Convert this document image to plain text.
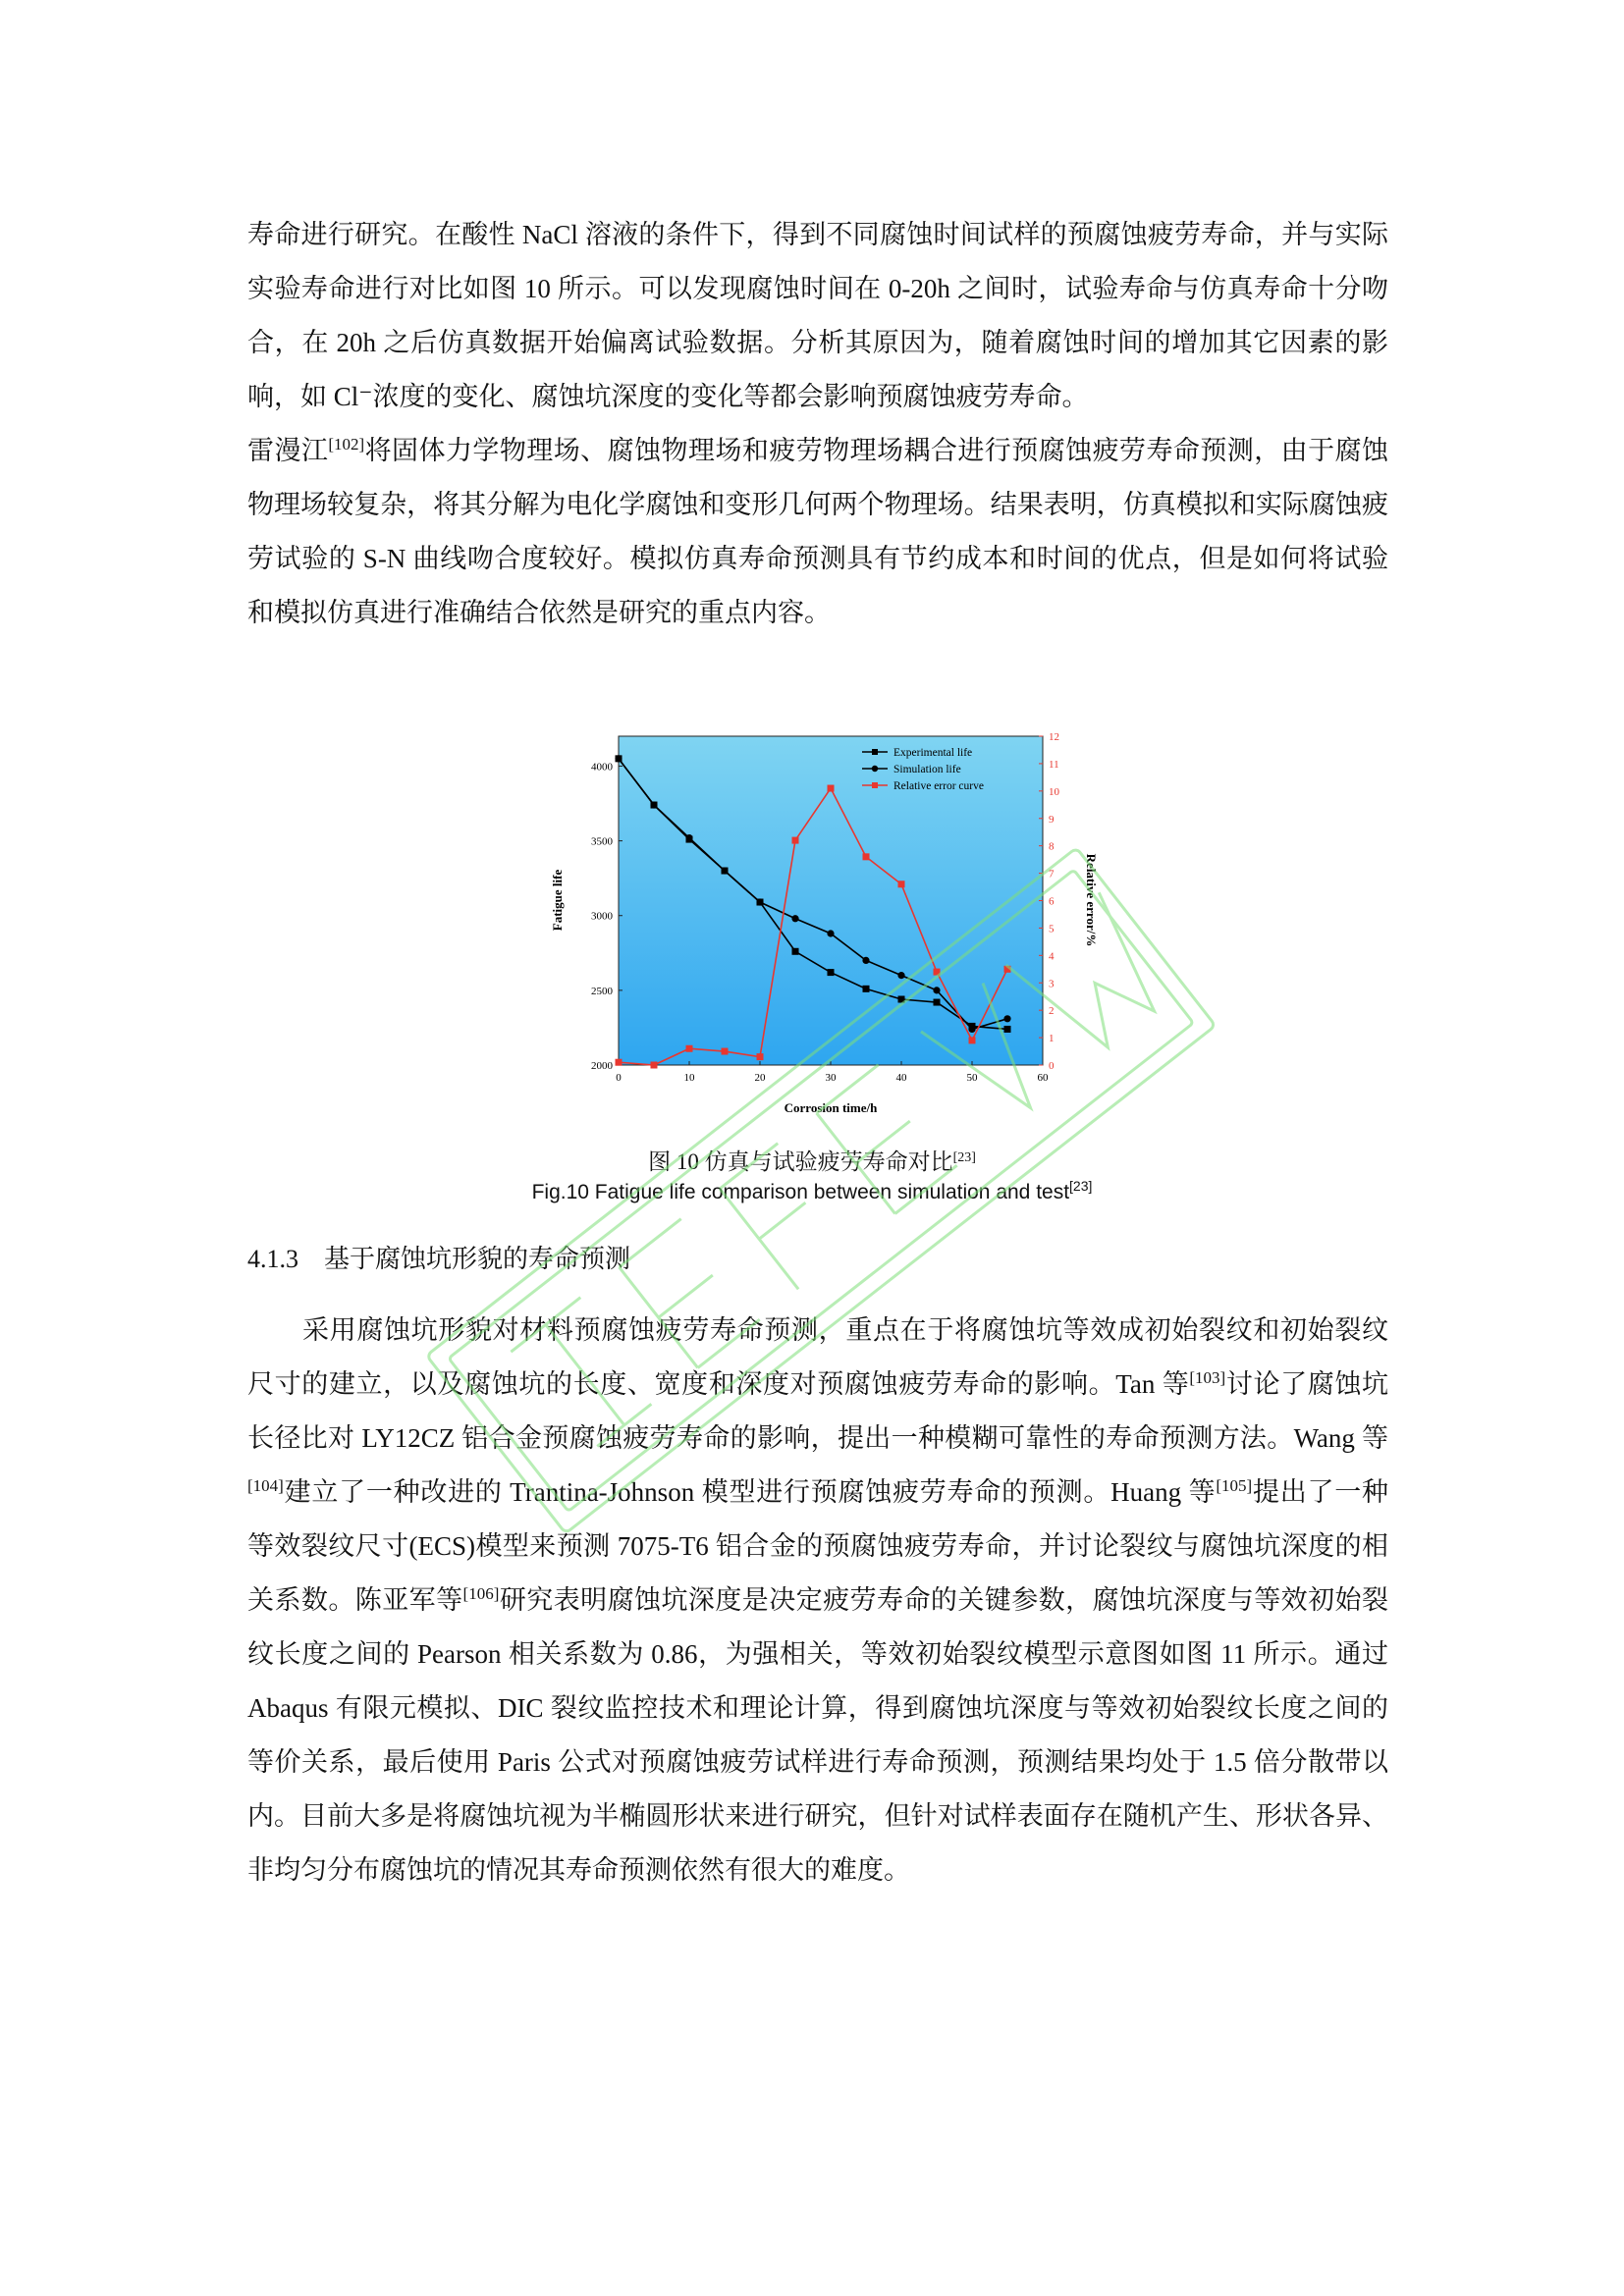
寿命进行研究。在酸性 NaCl 溶液的条件下，得到不同腐蚀时间试样的预腐蚀疲劳寿命，并与实际实验寿命进行对比如图 10 所示。可以发现腐蚀时间在 0-20h 之间时，试验寿命与仿真寿命十分吻合，在 20h 之后仿真数据开始偏离试验数据。分析其原因为，随着腐蚀时间的增加其它因素的影响，如 Cl⁻浓度的变化、腐蚀坑深度的变化等都会影响预腐蚀疲劳寿命。
雷漫江[102]将固体力学物理场、腐蚀物理场和疲劳物理场耦合进行预腐蚀疲劳寿命预测，由于腐蚀物理场较复杂，将其分解为电化学腐蚀和变形几何两个物理场。结果表明，仿真模拟和实际腐蚀疲劳试验的 S-N 曲线吻合度较好。模拟仿真寿命预测具有节约成本和时间的优点，但是如何将试验和模拟仿真进行准确结合依然是研究的重点内容。

0	10	20	30	40	50	60
2000
2500
3000
3500
4000
0
1
2
3
4
5
6
7
8
9
10
11
12
Experimental life
Simulation life
Relative error curve
Corrosion time/h
Fatigue life	Relative error/%
图 10 仿真与试验疲劳寿命对比[23]
Fig.10 Fatigue life comparison between simulation and test[23]
4.1.3 基于腐蚀坑形貌的寿命预测

采用腐蚀坑形貌对材料预腐蚀疲劳寿命预测，重点在于将腐蚀坑等效成初始裂纹和初始裂纹尺寸的建立，以及腐蚀坑的长度、宽度和深度对预腐蚀疲劳寿命的影响。Tan 等[103]讨论了腐蚀坑长径比对 LY12CZ 铝合金预腐蚀疲劳寿命的影响，提出一种模糊可靠性的寿命预测方法。Wang 等[104]建立了一种改进的 Trantina-Johnson 模型进行预腐蚀疲劳寿命的预测。Huang 等[105]提出了一种等效裂纹尺寸(ECS)模型来预测 7075-T6 铝合金的预腐蚀疲劳寿命，并讨论裂纹与腐蚀坑深度的相关系数。陈亚军等[106]研究表明腐蚀坑深度是决定疲劳寿命的关键参数，腐蚀坑深度与等效初始裂纹长度之间的 Pearson 相关系数为 0.86，为强相关，等效初始裂纹模型示意图如图 11 所示。通过 Abaqus 有限元模拟、DIC 裂纹监控技术和理论计算，得到腐蚀坑深度与等效初始裂纹长度之间的等价关系，最后使用 Paris 公式对预腐蚀疲劳试样进行寿命预测，预测结果均处于 1.5 倍分散带以内。目前大多是将腐蚀坑视为半椭圆形状来进行研究，但针对试样表面存在随机产生、形状各异、非均匀分布腐蚀坑的情况其寿命预测依然有很大的难度。
